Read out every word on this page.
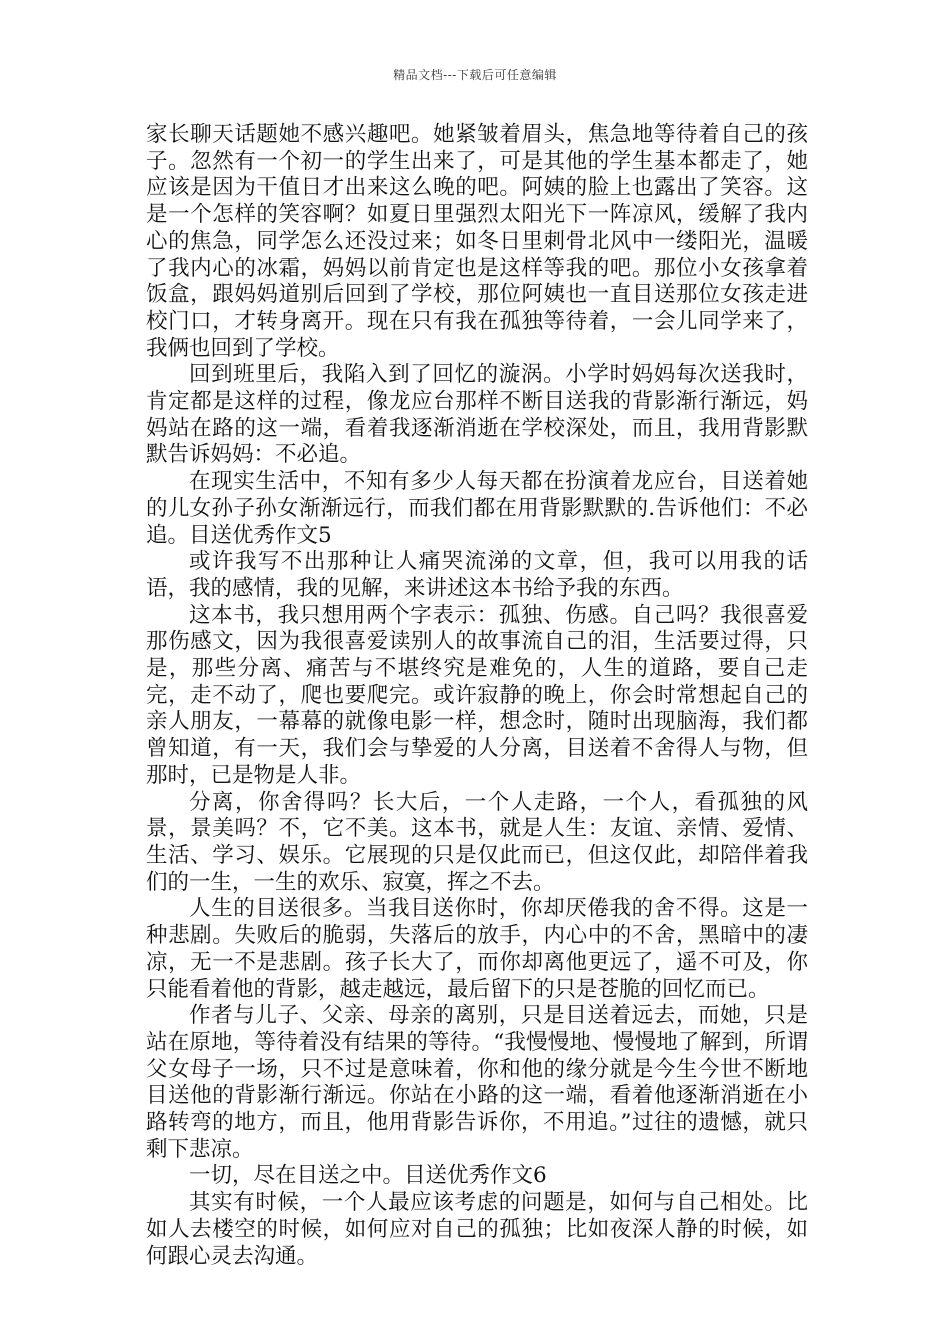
精品文档---下载后可任意编辑

家长聊天话题她不感兴趣吧。她紧皱着眉头，焦急地等待着自己的孩子。忽然有一个初一的学生出来了，可是其他的学生基本都走了，她应该是因为干值日才出来这么晚的吧。阿姨的脸上也露出了笑容。这是一个怎样的笑容啊？如夏日里强烈太阳光下一阵凉风，缓解了我内心的焦急，同学怎么还没过来；如冬日里刺骨北风中一缕阳光，温暖了我内心的冰霜，妈妈以前肯定也是这样等我的吧。那位小女孩拿着饭盒，跟妈妈道别后回到了学校，那位阿姨也一直目送那位女孩走进校门口，才转身离开。现在只有我在孤独等待着，一会儿同学来了，我俩也回到了学校。

回到班里后，我陷入到了回忆的漩涡。小学时妈妈每次送我时，肯定都是这样的过程，像龙应台那样不断目送我的背影渐行渐远，妈妈站在路的这一端，看着我逐渐消逝在学校深处，而且，我用背影默默告诉妈妈：不必追。

在现实生活中，不知有多少人每天都在扮演着龙应台，目送着她的儿女孙子孙女渐渐远行，而我们都在用背影默默的.告诉他们：不必追。目送优秀作文5

或许我写不出那种让人痛哭流涕的文章，但，我可以用我的话语，我的感情，我的见解，来讲述这本书给予我的东西。

这本书，我只想用两个字表示：孤独、伤感。自己吗？我很喜爱那伤感文，因为我很喜爱读别人的故事流自己的泪，生活要过得，只是，那些分离、痛苦与不堪终究是难免的，人生的道路，要自己走完，走不动了，爬也要爬完。或许寂静的晚上，你会时常想起自己的亲人朋友，一幕幕的就像电影一样，想念时，随时出现脑海，我们都曾知道，有一天，我们会与挚爱的人分离，目送着不舍得人与物，但那时，已是物是人非。

分离，你舍得吗？长大后，一个人走路，一个人，看孤独的风景，景美吗？不，它不美。这本书，就是人生：友谊、亲情、爱情、生活、学习、娱乐。它展现的只是仅此而已，但这仅此，却陪伴着我们的一生，一生的欢乐、寂寞，挥之不去。

人生的目送很多。当我目送你时，你却厌倦我的舍不得。这是一种悲剧。失败后的脆弱，失落后的放手，内心中的不舍，黑暗中的凄凉，无一不是悲剧。孩子长大了，而你却离他更远了，遥不可及，你只能看着他的背影，越走越远，最后留下的只是苍脆的回忆而已。

作者与儿子、父亲、母亲的离别，只是目送着远去，而她，只是站在原地，等待着没有结果的等待。“我慢慢地、慢慢地了解到，所谓父女母子一场，只不过是意味着，你和他的缘分就是今生今世不断地目送他的背影渐行渐远。你站在小路的这一端，看着他逐渐消逝在小路转弯的地方，而且，他用背影告诉你，不用追。”过往的遗憾，就只剩下悲凉。

一切，尽在目送之中。目送优秀作文6

其实有时候，一个人最应该考虑的问题是，如何与自己相处。比如人去楼空的时候，如何应对自己的孤独；比如夜深人静的时候，如何跟心灵去沟通。
